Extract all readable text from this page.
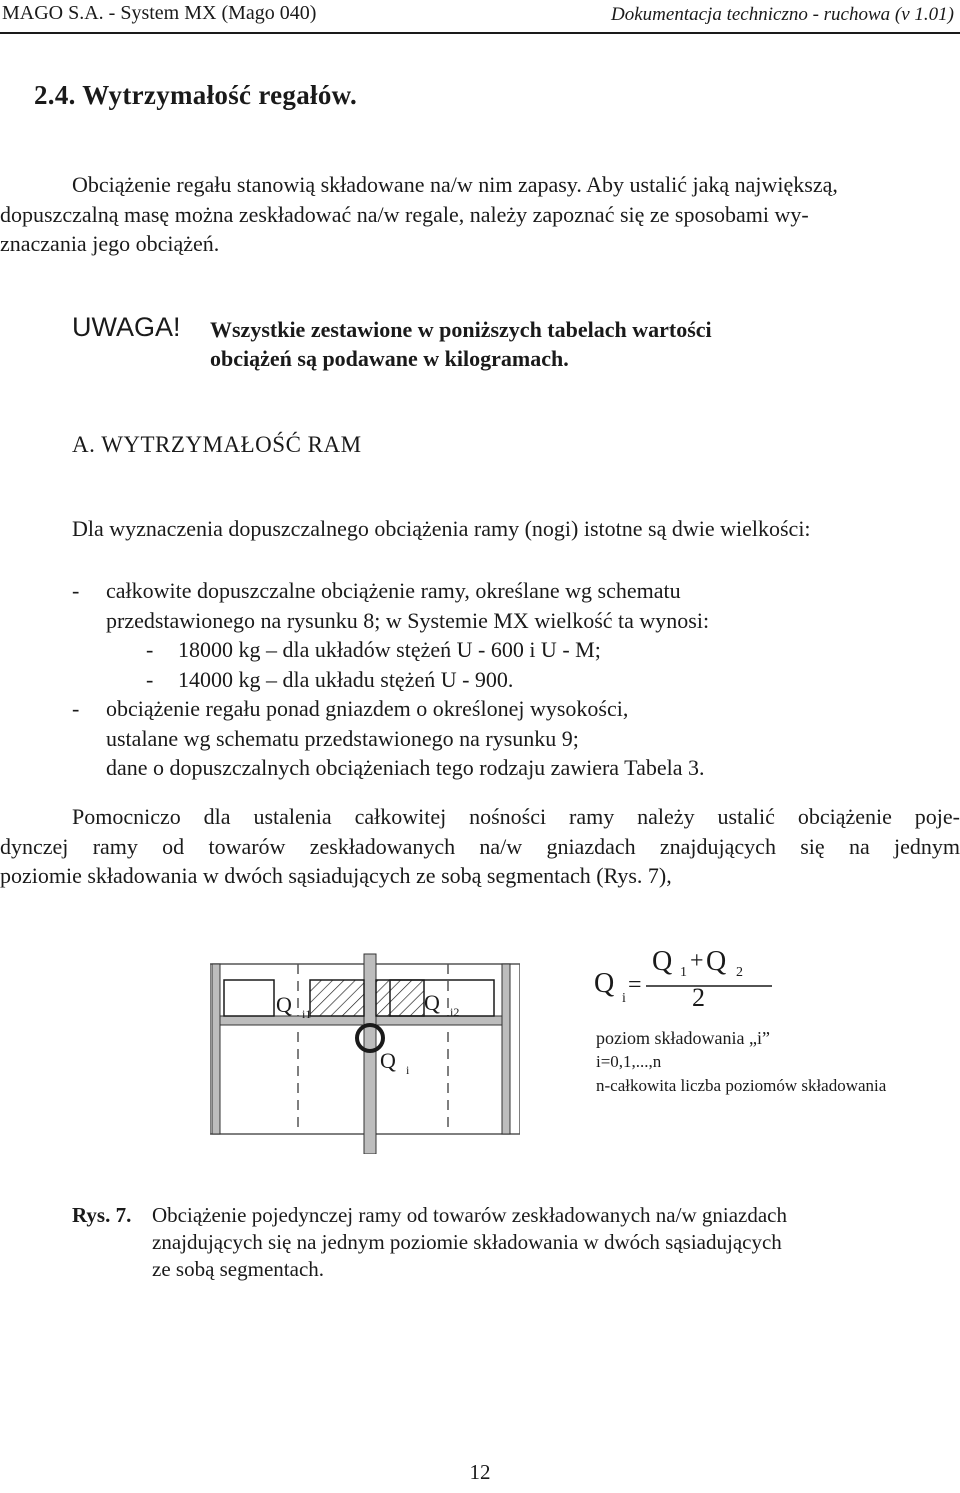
MAGO S.A. - System MX (Mago 040)	Dokumentacja techniczno - ruchowa (v 1.01)
2.4. Wytrzymałość regałów.
Obciążenie regału stanowią składowane na/w nim zapasy. Aby ustalić jaką największą,
dopuszczalną masę można zeskładować na/w regale, należy zapoznać się ze sposobami wy-
znaczania jego obciążeń.
UWAGA! Wszystkie zestawione w poniższych tabelach wartości
obciążeń są podawane w kilogramach.
A. WYTRZYMAŁOŚĆ RAM
Dla wyznaczenia dopuszczalnego obciążenia ramy (nogi) istotne są dwie wielkości:
- całkowite dopuszczalne obciążenie ramy, określane wg schematu
przedstawionego na rysunku 8; w Systemie MX wielkość ta wynosi:
- 18000 kg – dla układów stężeń U - 600 i U - M;
- 14000 kg – dla układu stężeń U - 900.
- obciążenie regału ponad gniazdem o określonej wysokości,
ustalane wg schematu przedstawionego na rysunku 9;
dane o dopuszczalnych obciążeniach tego rodzaju zawiera Tabela 3.
Pomocniczo dla ustalenia całkowitej nośności ramy należy ustalić obciążenie poje-
dynczej ramy od towarów zeskładowanych na/w gniazdach znajdujących się na jednym
poziomie składowania w dwóch sąsiadujących ze sobą segmentach (Rys. 7),
Q i1	Q i2
Q i
Q i
=
Q 1 + Q 2
2
poziom składowania „i”
i=0,1,...,n
n-całkowita liczba poziomów składowania
Rys. 7. Obciążenie pojedynczej ramy od towarów zeskładowanych na/w gniazdach
znajdujących się na jednym poziomie składowania w dwóch sąsiadujących
ze sobą segmentach.
12
